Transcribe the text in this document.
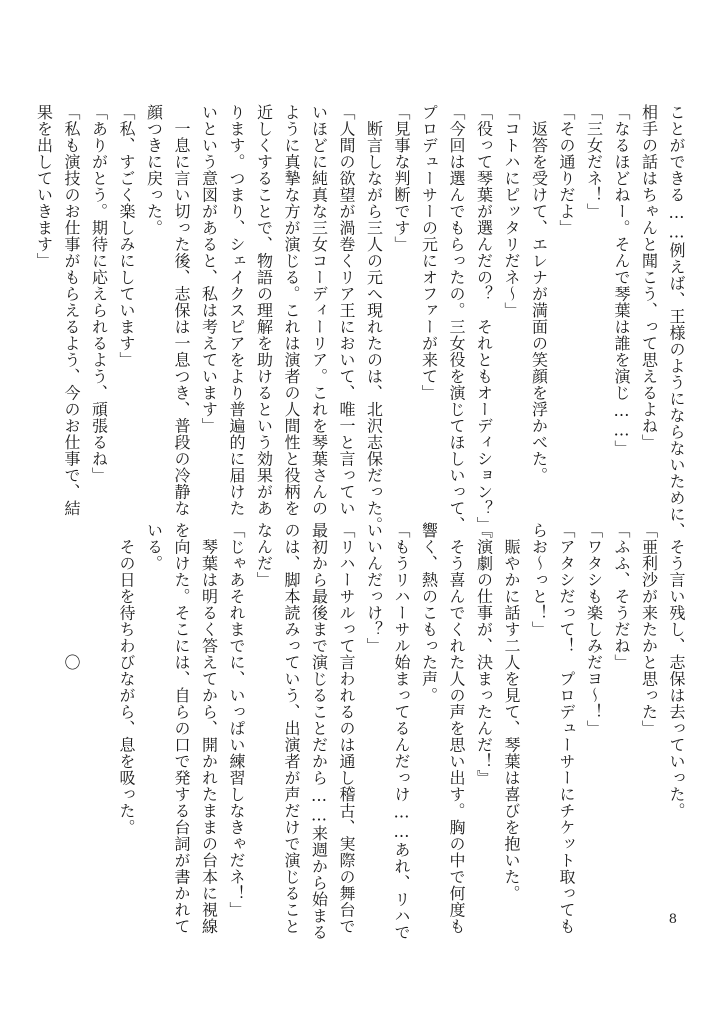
ことができる……例えば、王様のようにならないために、

相手の話はちゃんと聞こう、って思えるよね」

「なるほどねー。そんで琴葉は誰を演じ……」

「三女だネ！」

「その通りだよ」

　返答を受けて、エレナが満面の笑顔を浮かべた。

「コトハにピッタリだネ〜」

「役って琴葉が選んだの？　それともオーディション？」

「今回は選んでもらったの。三女役を演じてほしいって、

プロデューサーの元にオファーが来て」

「見事な判断です」

　断言しながら三人の元へ現れたのは、北沢志保だった。

「人間の欲望が渦巻くリア王において、唯一と言ってい

いほどに純真な三女コーディーリア。これを琴葉さんの

ように真摯な方が演じる。これは演者の人間性と役柄を

近しくすることで、物語の理解を助けるという効果があ

ります。つまり、シェイクスピアをより普遍的に届けた

いという意図があると、私は考えています」

　一息に言い切った後、志保は一息つき、普段の冷静な

顔つきに戻った。

「私、すごく楽しみにしています」

「ありがとう。期待に応えられるよう、頑張るね」

「私も演技のお仕事がもらえるよう、今のお仕事で、結

果を出していきます」

　そう言い残し、志保は去っていった。

「亜利沙が来たかと思った」

「ふふ、そうだね」

「ワタシも楽しみだヨ〜！」

「アタシだって！　プロデューサーにチケット取っても

らお〜っと！」

　賑やかに話す二人を見て、琴葉は喜びを抱いた。

『演劇の仕事が、決まったんだ！』

　そう喜んでくれた人の声を思い出す。胸の中で何度も

響く、熱のこもった声。

「もうリハーサル始まってるんだっけ……あれ、リハで

いいんだっけ？」

「リハーサルって言われるのは通し稽古、実際の舞台で

最初から最後まで演じることだから……来週から始まる

のは、脚本読みっていう、出演者が声だけで演じること

なんだ」

「じゃあそれまでに、いっぱい練習しなきゃだネ！」

　琴葉は明るく答えてから、開かれたままの台本に視線

を向けた。そこには、自らの口で発する台詞が書かれて

いる。

　その日を待ちわびながら、息を吸った。

　　　　　　　　〇

8
